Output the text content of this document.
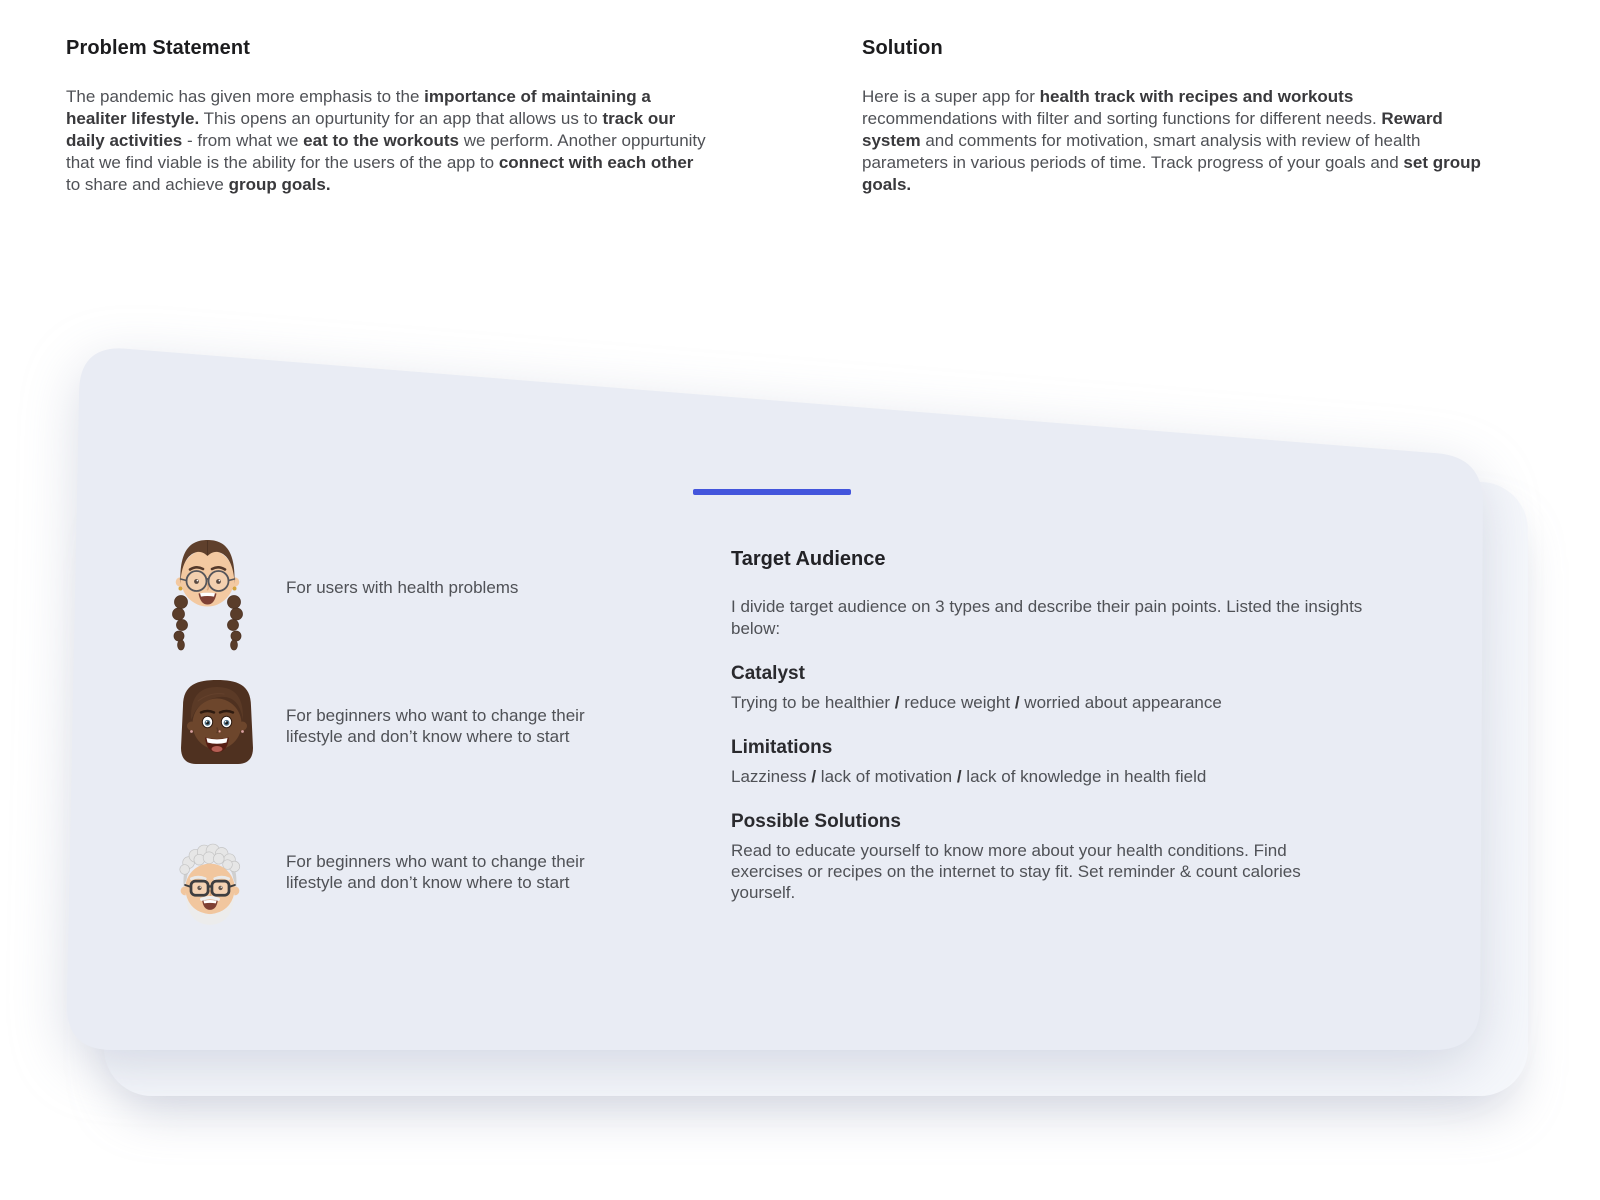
Problem Statement

The pandemic has given more emphasis to the importance of maintaining a healiter lifestyle. This opens an opurtunity for an app that allows us to track our daily activities - from what we eat to the workouts we perform. Another oppurtunity that we find viable is the ability for the users of the app to connect with each other to share and achieve group goals.

Solution

Here is a super app for health track with recipes and workouts recommendations with filter and sorting functions for different needs. Reward system and comments for motivation, smart analysis with review of health parameters in various periods of time. Track progress of your goals and set group goals.

For users with health problems
For beginners who want to change their lifestyle and don’t know where to start
For beginners who want to change their lifestyle and don’t know where to start
Target Audience

I divide target audience on 3 types and describe their pain points. Listed the insights below:

Catalyst

Trying to be healthier / reduce weight / worried about appearance

Limitations

Lazziness / lack of motivation / lack of knowledge in health field

Possible Solutions

Read to educate yourself to know more about your health conditions. Find exercises or recipes on the internet to stay fit. Set reminder & count calories yourself.
